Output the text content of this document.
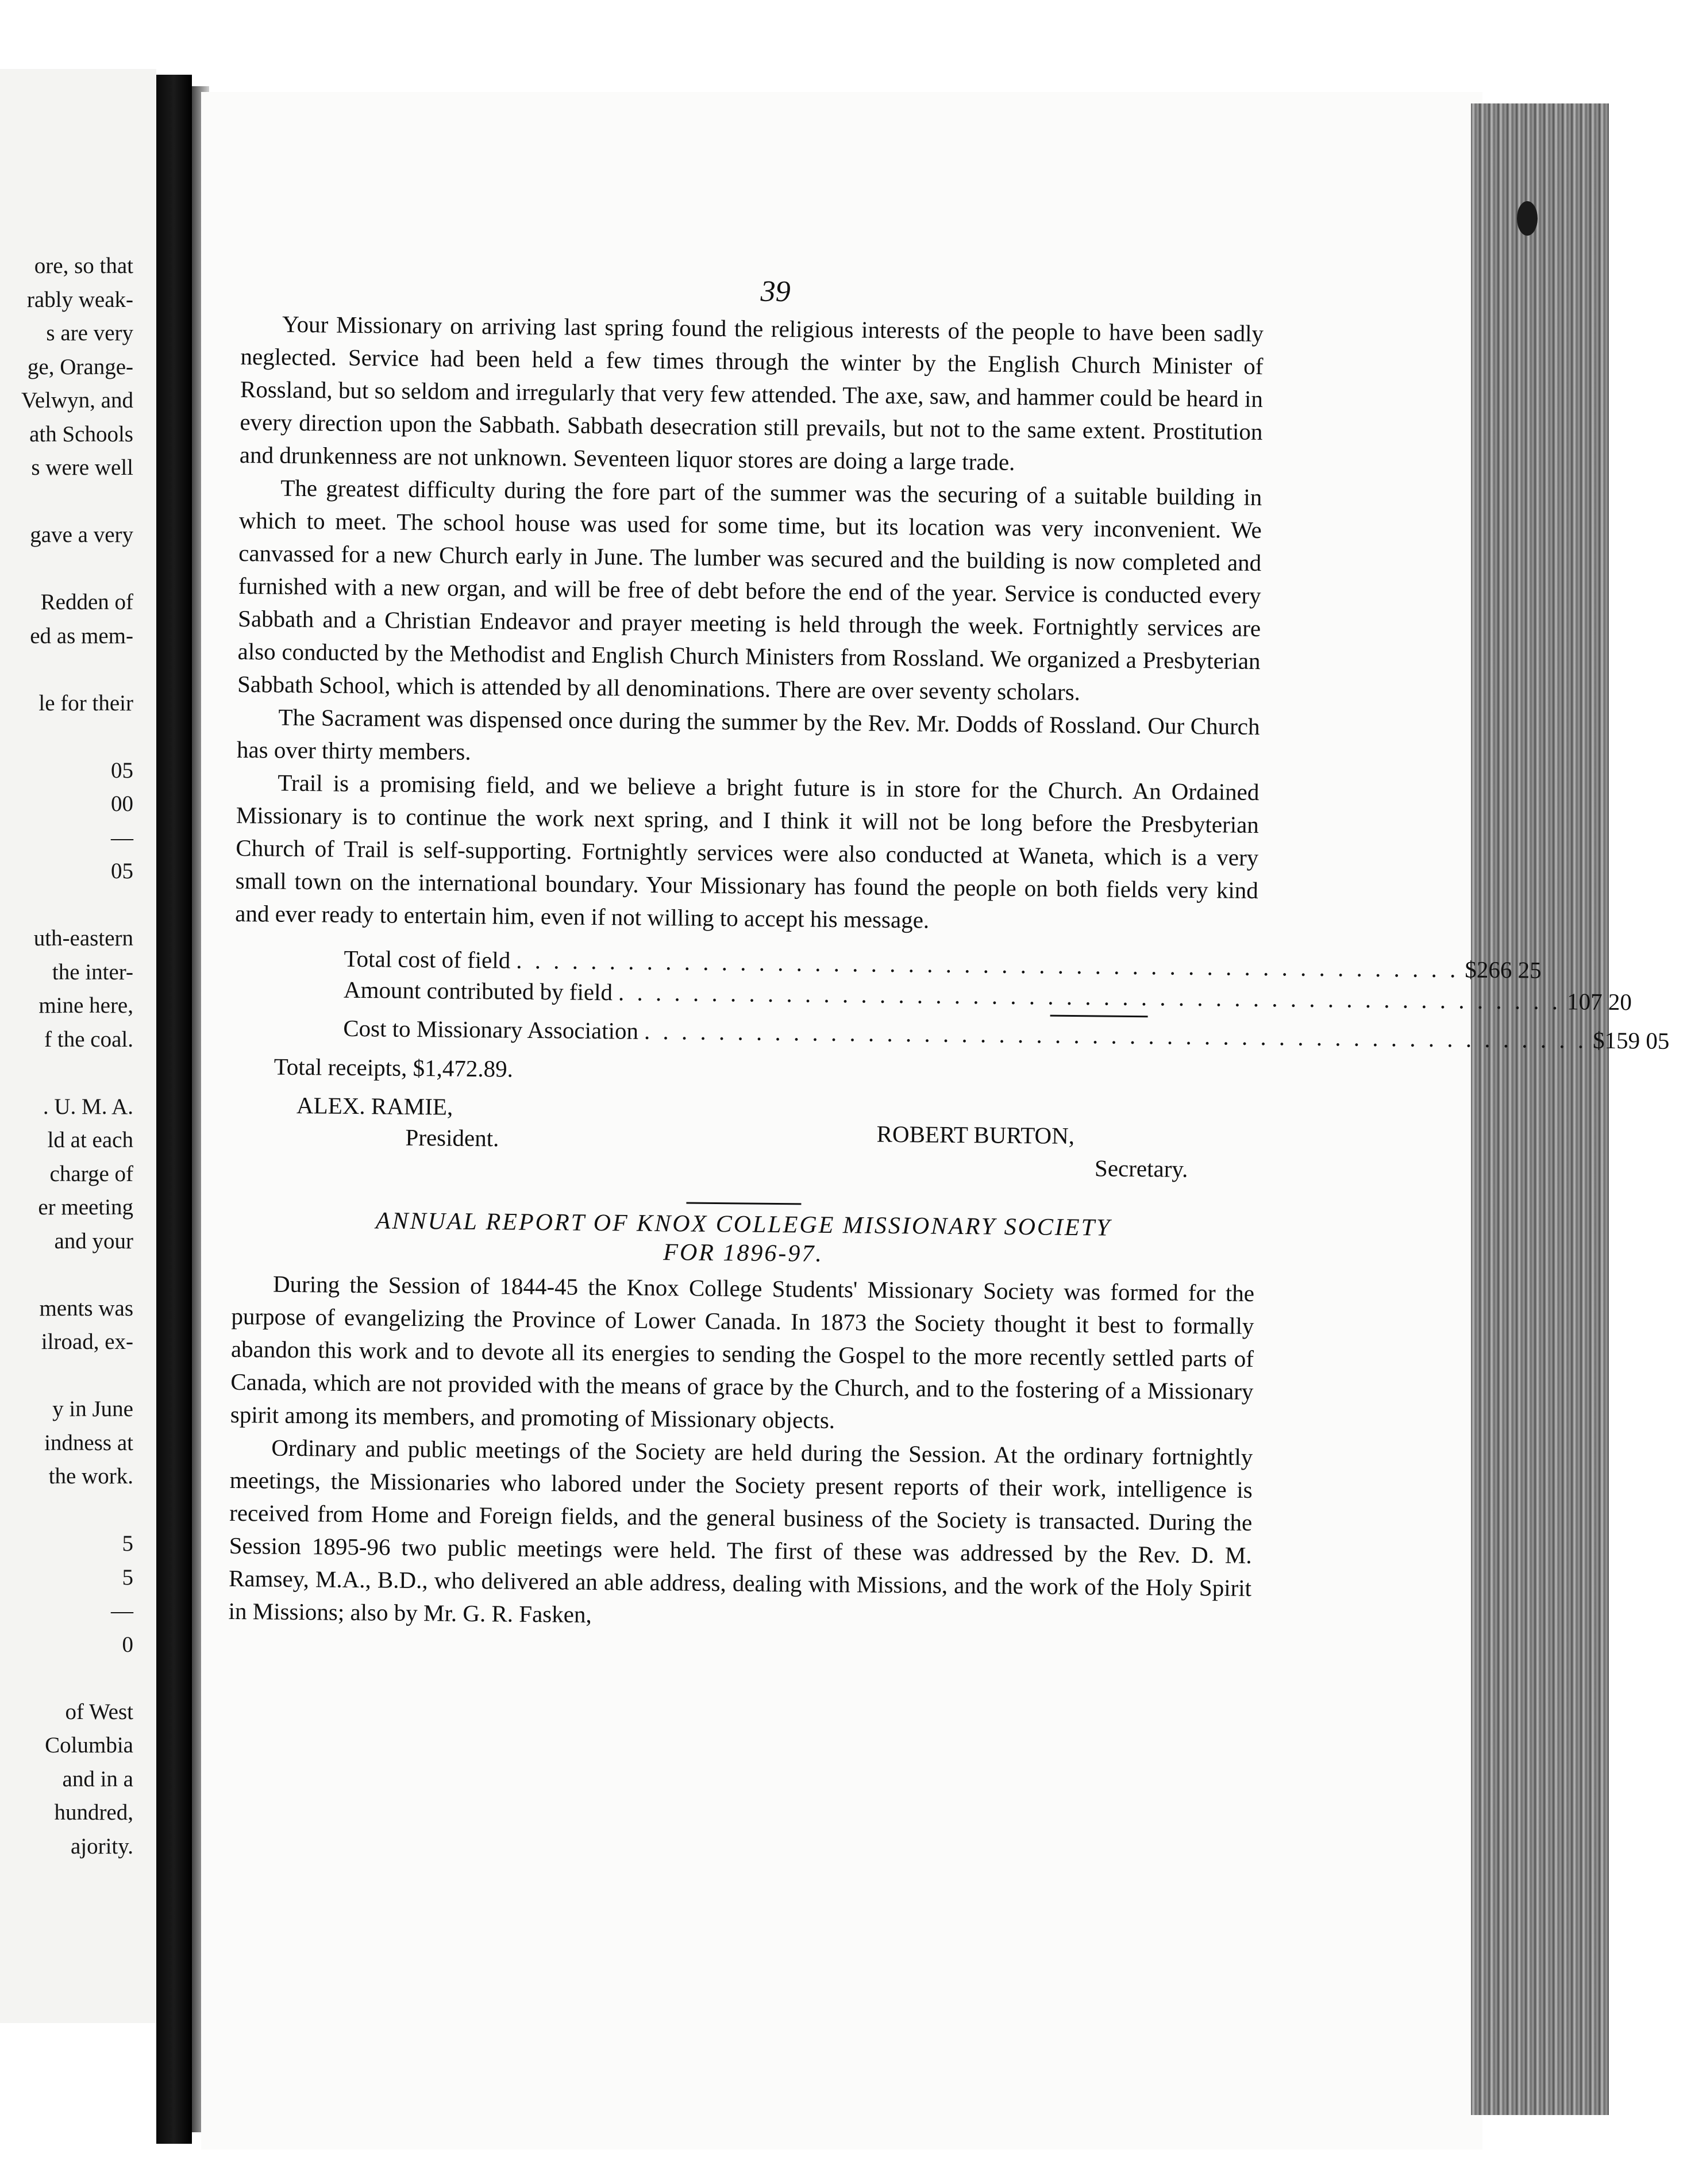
ore, so that
rably weak-
s are very
ge, Orange-
Velwyn, and
ath Schools
s were well
gave a very
Redden of
ed as mem-
le for their
05
00
—
05
uth-eastern
the inter-
mine here,
f the coal.
. U. M. A.
ld at each
charge of
er meeting
and your
ments was
ilroad, ex-
y in June
indness at
the work.
5
5
—
0
of West
Columbia
and in a
hundred,
ajority.
39

Your Missionary on arriving last spring found the religious interests of the people to have been sadly neglected. Service had been held a few times through the winter by the English Church Minister of Rossland, but so seldom and irregularly that very few attended. The axe, saw, and hammer could be heard in every direction upon the Sabbath. Sabbath desecration still prevails, but not to the same extent. Prostitution and drunkenness are not unknown. Seventeen liquor stores are doing a large trade.

The greatest difficulty during the fore part of the summer was the securing of a suitable building in which to meet. The school house was used for some time, but its location was very inconvenient. We canvassed for a new Church early in June. The lumber was secured and the building is now completed and furnished with a new organ, and will be free of debt before the end of the year. Service is conducted every Sabbath and a Christian Endeavor and prayer meeting is held through the week. Fortnightly services are also conducted by the Methodist and English Church Ministers from Rossland. We organized a Presbyterian Sabbath School, which is attended by all denominations. There are over seventy scholars.

The Sacrament was dispensed once during the summer by the Rev. Mr. Dodds of Rossland. Our Church has over thirty members.

Trail is a promising field, and we believe a bright future is in store for the Church. An Ordained Missionary is to continue the work next spring, and I think it will not be long before the Presbyterian Church of Trail is self-supporting. Fortnightly services were also conducted at Waneta, which is a very small town on the international boundary. Your Missionary has found the people on both fields very kind and ever ready to entertain him, even if not willing to accept his message.

Total cost of field . . . . . . . . . . . . . . . . . . . . . . . . . . . . . . . . . . . . . . . . . . . . . . . . . . . $266 25
Amount contributed by field . . . . . . . . . . . . . . . . . . . . . . . . . . . . . . . . . . . . . . . . . . . . . . . . . . . 107 20
Cost to Missionary Association . . . . . . . . . . . . . . . . . . . . . . . . . . . . . . . . . . . . . . . . . . . . . . . . . . . $159 05
Total receipts, $1,472.89.
ALEX. RAMIE,
President.	ROBERT BURTON,
Secretary.
ANNUAL REPORT OF KNOX COLLEGE MISSIONARY SOCIETY
FOR 1896-97.

During the Session of 1844-45 the Knox College Students' Missionary Society was formed for the purpose of evangelizing the Province of Lower Canada. In 1873 the Society thought it best to formally abandon this work and to devote all its energies to sending the Gospel to the more recently settled parts of Canada, which are not provided with the means of grace by the Church, and to the fostering of a Missionary spirit among its members, and promoting of Missionary objects.

Ordinary and public meetings of the Society are held during the Session. At the ordinary fortnightly meetings, the Missionaries who labored under the Society present reports of their work, intelligence is received from Home and Foreign fields, and the general business of the Society is transacted. During the Session 1895-96 two public meetings were held. The first of these was addressed by the Rev. D. M. Ramsey, M.A., B.D., who delivered an able address, dealing with Missions, and the work of the Holy Spirit in Missions; also by Mr. G. R. Fasken,
